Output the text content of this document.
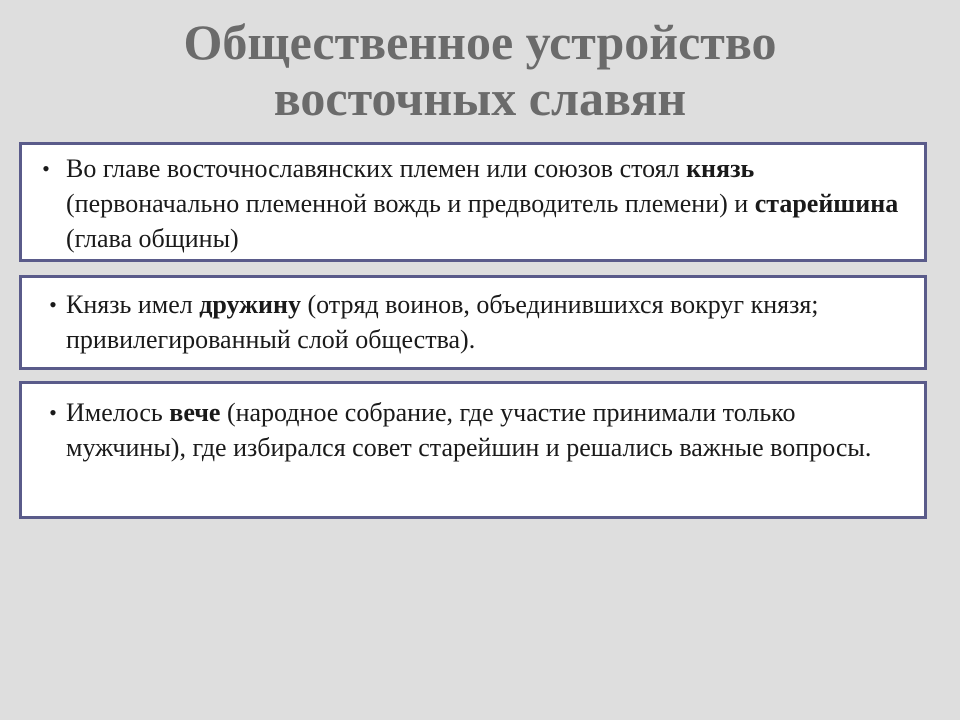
Общественное устройство
восточных славян
• Во главе восточнославянских племен или союзов стоял князь (первоначально племенной вождь и предводитель племени) и старейшина (глава общины)
• Князь имел дружину (отряд воинов, объединившихся вокруг князя; привилегированный слой общества).
• Имелось вече (народное собрание, где участие принимали только мужчины), где избирался совет старейшин и решались важные вопросы.
